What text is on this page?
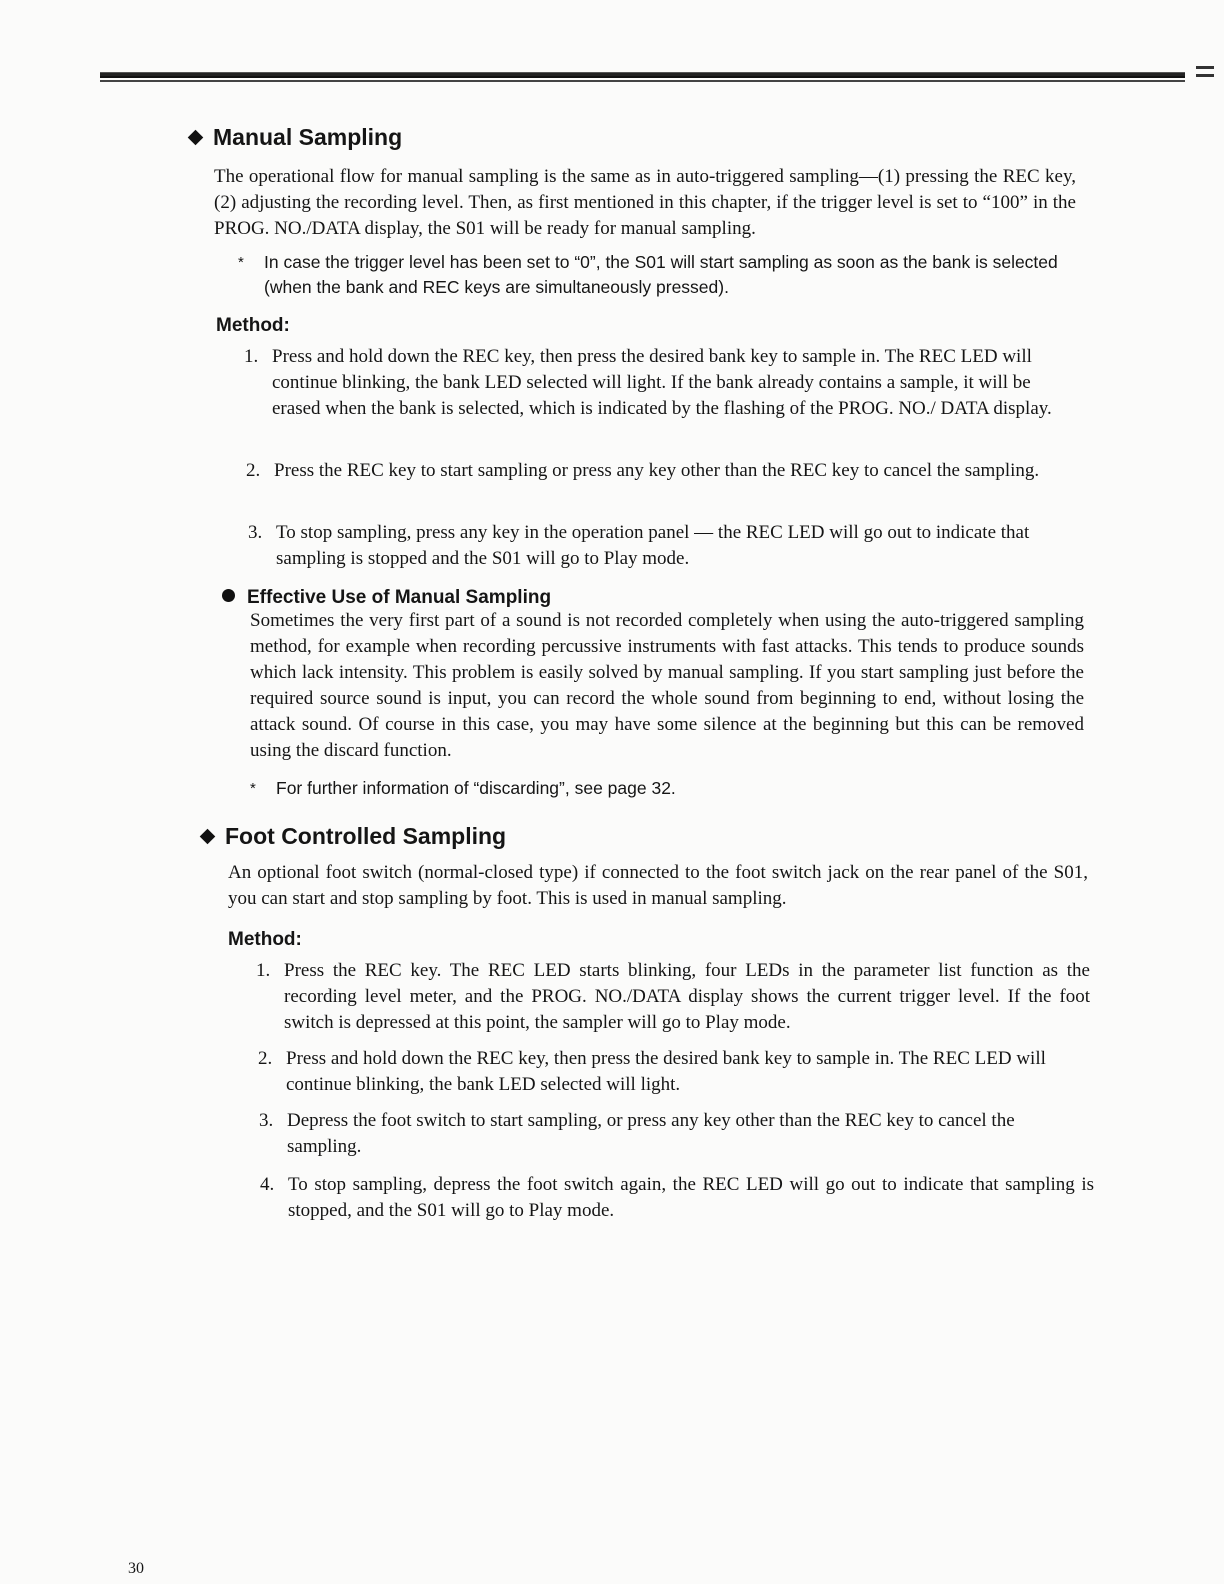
Manual Sampling

The operational flow for manual sampling is the same as in auto-triggered sampling—(1) pressing the REC key, (2) adjusting the recording level. Then, as first mentioned in this chapter, if the trigger level is set to “100” in the PROG. NO./DATA display, the S01 will be ready for manual sampling.

* In case the trigger level has been set to “0”, the S01 will start sampling as soon as the bank is selected (when the bank and REC keys are simultaneously pressed).

Method:
1. Press and hold down the REC key, then press the desired bank key to sample in. The REC LED will continue blinking, the bank LED selected will light. If the bank already contains a sample, it will be erased when the bank is selected, which is indicated by the flashing of the PROG. NO./ DATA display.
2. Press the REC key to start sampling or press any key other than the REC key to cancel the sampling.
3. To stop sampling, press any key in the operation panel — the REC LED will go out to indicate that sampling is stopped and the S01 will go to Play mode.
Effective Use of Manual Sampling

Sometimes the very first part of a sound is not recorded completely when using the auto-triggered sampling method, for example when recording percussive instruments with fast attacks. This tends to produce sounds which lack intensity. This problem is easily solved by manual sampling. If you start sampling just before the required source sound is input, you can record the whole sound from beginning to end, without losing the attack sound. Of course in this case, you may have some silence at the beginning but this can be removed using the discard function.

* For further information of “discarding”, see page 32.

Foot Controlled Sampling

An optional foot switch (normal-closed type) if connected to the foot switch jack on the rear panel of the S01, you can start and stop sampling by foot. This is used in manual sampling.

Method:
1. Press the REC key. The REC LED starts blinking, four LEDs in the parameter list function as the recording level meter, and the PROG. NO./DATA display shows the current trigger level. If the foot switch is depressed at this point, the sampler will go to Play mode.
2. Press and hold down the REC key, then press the desired bank key to sample in. The REC LED will continue blinking, the bank LED selected will light.
3. Depress the foot switch to start sampling, or press any key other than the REC key to cancel the sampling.
4. To stop sampling, depress the foot switch again, the REC LED will go out to indicate that sampling is stopped, and the S01 will go to Play mode.
30
